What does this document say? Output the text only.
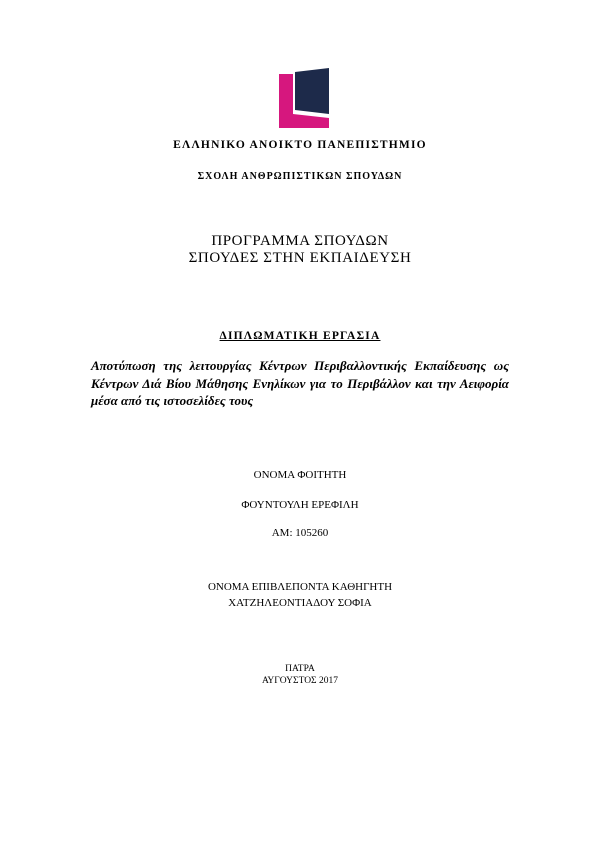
ΕΛΛΗΝΙΚΟ ΑΝΟΙΚΤΟ ΠΑΝΕΠΙΣΤΗΜΙΟ
ΣΧΟΛΗ ΑΝΘΡΩΠΙΣΤΙΚΩΝ ΣΠΟΥΔΩΝ
ΠΡΟΓΡΑΜΜΑ ΣΠΟΥΔΩΝ
ΣΠΟΥΔΕΣ ΣΤΗΝ ΕΚΠΑΙΔΕΥΣΗ
ΔΙΠΛΩΜΑΤΙΚΗ ΕΡΓΑΣΙΑ
Αποτύπωση της λειτουργίας Κέντρων Περιβαλλοντικής Εκπαίδευσης ως Κέντρων Διά Βίου Μάθησης Ενηλίκων για το Περιβάλλον και την Αειφορία μέσα από τις ιστοσελίδες τους
ΟΝΟΜΑ ΦΟΙΤΗΤΗ
ΦΟΥΝΤΟΥΛΗ ΕΡΕΦΙΛΗ
ΑΜ: 105260
ΟΝΟΜΑ ΕΠΙΒΛΕΠΟΝΤΑ ΚΑΘΗΓΗΤΗ
ΧΑΤΖΗΛΕΟΝΤΙΑΔΟΥ ΣΟΦΙΑ
ΠΑΤΡΑ
ΑΥΓΟΥΣΤΟΣ 2017
